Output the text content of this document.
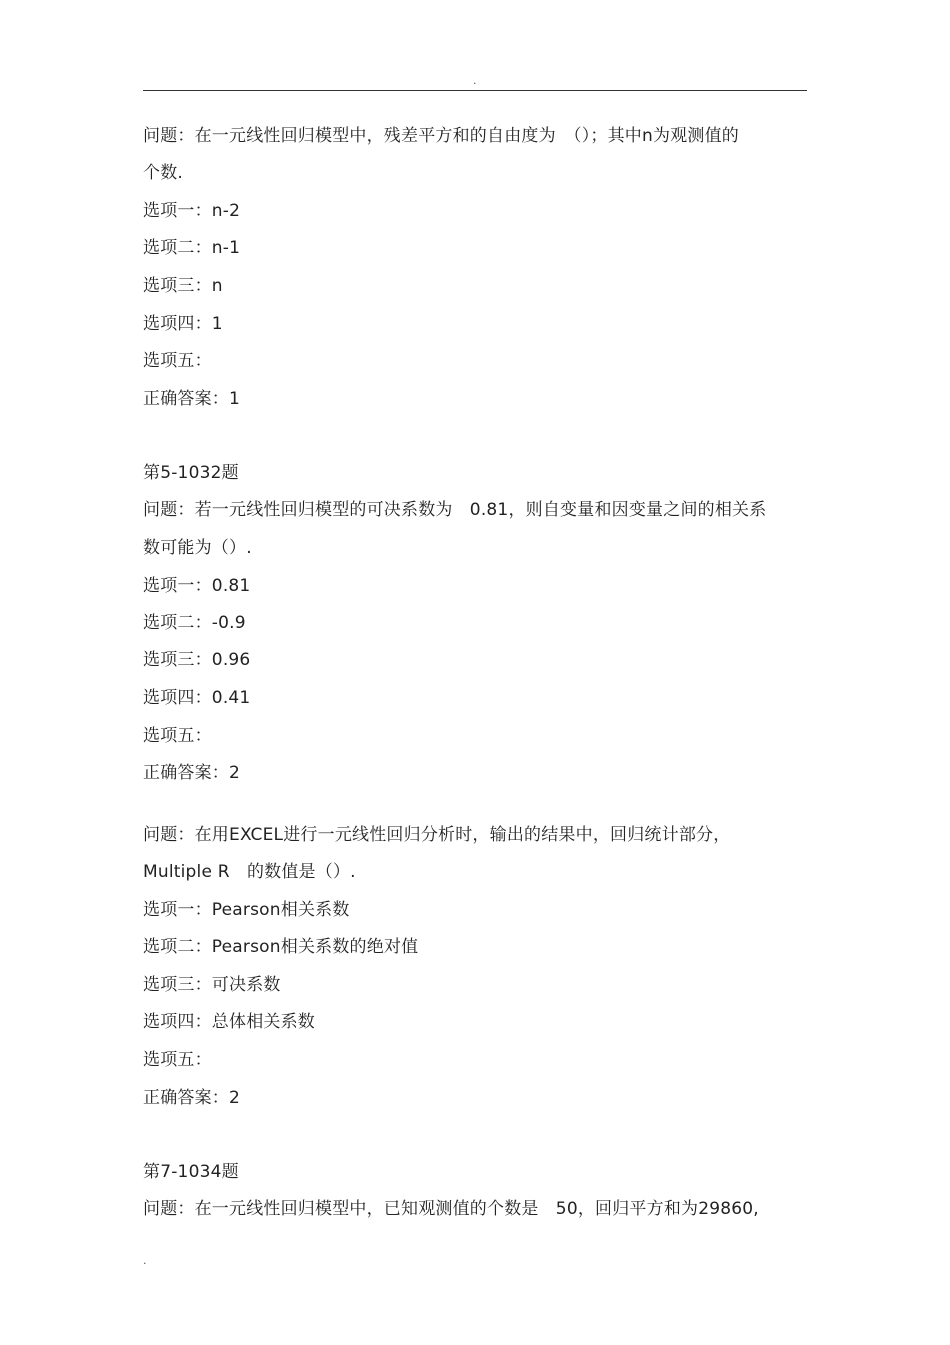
.
问题：在一元线性回归模型中，残差平方和的自由度为　（）；其中n为观测值的
个数.
选项一：n-2
选项二：n-1
选项三：n
选项四：1
选项五：
正确答案：1
第5-1032题
问题：若一元线性回归模型的可决系数为　0.81，则自变量和因变量之间的相关系
数可能为（）.
选项一：0.81
选项二：-0.9
选项三：0.96
选项四：0.41
选项五：
正确答案：2
问题：在用EXCEL进行一元线性回归分析时，输出的结果中，回归统计部分，
Multiple R　的数值是（）.
选项一：Pearson相关系数
选项二：Pearson相关系数的绝对值
选项三：可决系数
选项四：总体相关系数
选项五：
正确答案：2
第7-1034题
问题：在一元线性回归模型中，已知观测值的个数是　50，回归平方和为29860,
.
